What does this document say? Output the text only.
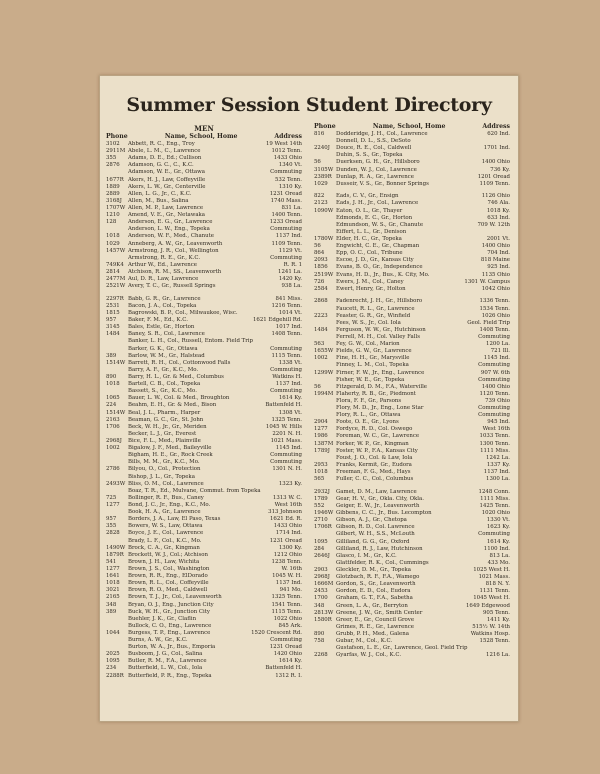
Summer Session Student Directory
MEN
Phone	Name, School, Home	Address
3102	Abbett, R. C., Eng., Troy	19 West 14th
2911M Abele, L. M., C., Lawrence	1012 Tenn.
355	Adams, D. E., Ed.; Cullison	1433 Ohio
2876	Adamson, G. C., C., K.C.	1340 Vt.
Adamson, W. E., Gr., Ottawa	Commuting
1677R Akers, H. J., Law, Coffeyville	532 Tenn.
1889	Akers, L. W., Gr., Centerville	1310 Ky.
2889	Allen, L. G., Jr., C., K.C.	1231 Oread
3168J	Allen, M., Bus., Salina	1740 Mass.
1707W Allen, M. P., Law, Lawrence	831 La.
1210	Amend, V. E., Gr., Netawaka	1400 Tenn.
128	Anderson, E. G., Gr., Lawrence	1233 Oread
Anderson, L. W., Eng., Topeka	Commuting
1018	Anderson, W. F., Med., Chanute	1137 Ind.
1029	Anneberg, A. W., Gr., Leavenworth	1109 Tenn.
1457W Armstrong, J. R., Col., Wellington	1129 Vt.
Armstrong, R. E., Gr., K.C.	Commuting
749K4 Arthur W., Ed., Lawrence	R. R. 1
2814	Atchison, R. M., SS., Leavenworth	1241 La.
2477M Aul, D. R., Law, Lawrence	1420 Ky.
2521W Avery, T. C., Gr., Russell Springs	938 La.
2297R Babb, G. R., Gr., Lawrence	841 Miss.
2531	Bacon, J. A., Col., Topeka	1216 Tenn.
1815	Bagrowski, B. P., Col., Milwaukee, Wisc.	1014 Vt.
957	Baker, F. M., Ed., K.C.	1621 Edgehill Rd.
3145	Bales, Estle, Gr., Horton	1017 Ind.
1484	Baney, S. R., Col., Lawrence	1408 Tenn.
Banker, L. H., Col., Russell, Entom. Field Trip
Barker, G. K., Gr., Ottawa	Commuting
389	Barlow, W. M., Gr., Halstead	1115 Tenn.
1514W Barrett, R. H., Col., Cottonwood Falls	1338 Vt.
Barry, A. F., Gr., K.C., Mo.	Commuting
890	Barry, H. L., Gr. & Med., Columbus	Watkins H.
1018	Bartell, C. B., Col., Topeka	1137 Ind.
Bassett, S., Gr., K.C., Mo.	Commuting
1065	Bauer, L. W., Col. & Med., Broughton	1614 Ky.
224	Beahm, E. H., Gr. & Med., Bison	Battenfeld H.
1514W Beal, J. L., Pharm., Harper	1308 Vt.
2163	Beaman, G. C., Gr., St. John	1325 Tenn.
1706	Beck, W. H., Jr., Gr., Meriden	1045 W. Hills
Becker, L. J., Gr., Everest	2201 N. H.
2968J	Bice, F. L., Med., Plainville	1021 Mass.
1002	Bigalow, J. F., Med., Baileyville	1145 Ind.
Bigham, H. E., Gr., Rock Creek	Commuting
Bills, M. M., Gr., K.C., Mo.	Commuting
2786	Bilyou, O., Col., Protection	1301 N. H.
Bishop, J. L., Gr., Topeka
2493W Bliss, O. M., Col., Lawrence	1323 Ky.
Boaz, T. R., Ed., Mulvane, Commut. from Topeka
725	Bollinger, R. F., Bus., Caney	1313 W. C.
1277	Bond, J. C., Jr., Eng., K.C., Mo.	West 16th
Book, H. A., Gr., Lawrence	313 Johnson
957	Borders, J. A., Law, El Paso, Texas	1621 Ed. R.
355	Bowers, W. S., Law, Ottawa	1433 Ohio
2828	Boyce, J. E., Col., Lawrence	1714 Ind.
Brady, L. F., Col., K.C., Mo.	1231 Oread
1490W Brock, C. A., Gr., Kingman	1300 Ky.
1879R Brockett, W. J., Col.; Atchison	1212 Ohio
541	Brown, J. H., Law, Wichita	1238 Tenn.
1277	Brown, J. S., Col., Washington	W. 16th
1641	Brown, R. R., Eng., ElDorado	1045 W. H.
1018	Brown, R. L., Col., Coffeyville	1137 Ind.
3021	Brown, R. O., Med., Caldwell	941 Mo.
2165	Brown, T. J., Jr., Col., Leavenworth	1325 Tenn.
348	Bryan, O. J., Eng., Junction City	1541 Tenn.
389	Buck, W. H., Gr., Junction City	1115 Tenn.
Buehler, J. K., Gr., Claflin	1022 Ohio
Bullock, C. O., Eng., Lawrence	845 Ark.
1044	Burgess, T. P., Eng., Lawrence	1520 Crescent Rd.
Burns, A. W., Gr., K.C.	Commuting
Burton, W. A., Jr., Bus., Emporia	1231 Oread
2025	Busboom, J. G., Col., Salina	1420 Ohio
1095	Butler, R. M., F.A., Lawrence	1614 Ky.
234	Butterfield, L. W., Col., Iola	Battenfeld H.
2288R Butterfield, P. R., Eng., Topeka	1312 R. I.
Phone	Name, School, Home	Address
816	Dodderidge, J. H., Col., Lawrence	620 Ind.
Donnell, D. L., S.S., DeSoto
2240J	Douce, R. E., Col., Caldwell	1701 Ind.
Duhin, S. S., Gr., Topeka
56	Duerksen, G. H., Gr., Hillsboro	1400 Ohio
3105W Dunden, W. J., Col., Lawrence	736 Ky.
2389R Dunlap, R. A., Gr., Lawrence	1201 Oread
1029	Dusseir, V. S., Gr., Bonner Springs	1109 Tenn.
822	Eads, C. V., Gr., Ensign	1126 Ohio
2123	Eads, J. H., Jr., Col., Lawrence	746 Ala.
1090W Eaton, O. L., Gr., Thayer	1018 Ky.
Edmonds, E. C., Gr., Horton	633 Ind.
Edmundson, W. S., Gr., Chanute	709 W. 12th
Eiffert, L. L., Gr., Denison
1780W Elder, H. C., Gr., Topeka	2001 Vt.
56	Engwicht, C. E., Gr., Chapman	1400 Ohio
864	Epp, O. C., Col., Tribune	704 Ind.
2093	Escoe, J. D., Gr., Kansas City	818 Maine
1856	Evans, B. O., Gr., Independence	925 Ind.
2519W Evans, H. D., Jr., Bus., K. City, Mo.	1135 Ohio
726	Ewers, J. M., Col., Caney	1301 W. Campus
2584	Ewert, Henry, Gr., Holton	1042 Ohio
2868	Fadenrecht, J. H., Gr., Hillsboro	1336 Tenn.
Faucett, R. L., Gr., Lawrence	1534 Tenn.
2223	Feaster, G. R., Gr., Winfield	1026 Ohio
Fees, W. S., Jr., Col. Iola	Geol. Field Trip
1484	Ferguson, W. W., Gr., Hutchinson	1408 Tenn.
Ferrell, M. H., Col. Valley Falls	Commuting
563	Fey, G. W., Col., Marion	1200 La.
1655W Fields, G. W., Gr., Lawrence	721 Ill.
1002	Fine, H. H., Gr., Marysville	1145 Ind.
Finney, L. M., Col., Topeka	Commuting
1299W Firner, F. W., Jr., Eng., Lawrence	907 W. 6th
Fisher, W. E., Gr., Topeka	Commuting
56	Fitzgerald, D. M., F.A., Waterville	1400 Ohio
1994M Flaherty, R. B., Gr., Piedmont	1120 Tenn.
Flora, F. F., Gr., Parsons	739 Ohio
Flory, M. D., Jr., Eng., Lone Star	Commuting
Flory, R. L., Gr., Ottawa	Commuting
2904	Foote, O. E., Gr., Lyons	945 Ind.
1277	Fordyce, R. D., Col. Oswego	West 16th
1986	Foreman, W. C., Gr., Lawrence	1033 Tenn.
1387M Forker, W. P., Gr., Kingman	1300 Tenn.
1789J	Foster, W. P., F.A., Kansas City	1111 Miss.
Foust, J. O., Col. & Law, Iola	1242 La.
2953	Franks, Kermit, Gr., Eudora	1337 Ky.
1018	Freeman, F. G., Med., Hays	1137 Ind.
565	Fuller, C. C., Col., Columbus	1300 La.
2932J	Gamet, D. M., Law, Lawrence	1248 Conn.
1789	Gear, H. V., Gr., Okla. City, Okla.	1111 Miss.
552	Geiger, E. W., Jr., Leavenworth	1425 Tenn.
1946W Gibbens, C. C., Jr., Bus. Lecompton	1020 Ohio
2710	Gibson, A. J., Gr., Chetopa	1330 Vt.
1706R Gibson, R. D., Col. Lawrence	1623 Ky.
Gilbert, W. H., S.S., McLouth	Commuting
1095	Gilliland, G. G., Gr., Oxford	1614 Ky.
284	Gilliland, R. J., Law, Hutchinson	1100 Ind.
2646J	Glasco, I. M., Gr., K.C.	813 La.
Glattfelder, R. K., Col., Cummings	433 Mo.
2903	Gleckler, D. M., Gr., Topeka	1025 West H.
2968J	Glotzbach, R. F., F.A., Wamego	1021 Mass.
1666M Gordon, S., Gr., Leavenworth	818 N. Y.
2453	Gordon, E. D., Col., Eudora	1131 Tenn.
1700	Graham, G. T., F.A., Sabetha	1045 West H.
348	Green, L. A., Gr., Berryton	1649 Edgewood
2813W Greene, J. W., Gr., Smith Center	905 Tenn.
1580R Greer, E., Gr., Council Grove	1411 Ky.
Grimes, R. E., Gr., Lawrence	515½ W. 14th
890	Grubb, P. H., Med., Galena	Watkins Hosp.
758	Gubar, M., Col., K.C.	1528 Tenn.
Gustafson, L. E., Gr., Lawrence, Geol. Field Trip
2268	Gyarfas, W. J., Col., K.C.	1216 La.
